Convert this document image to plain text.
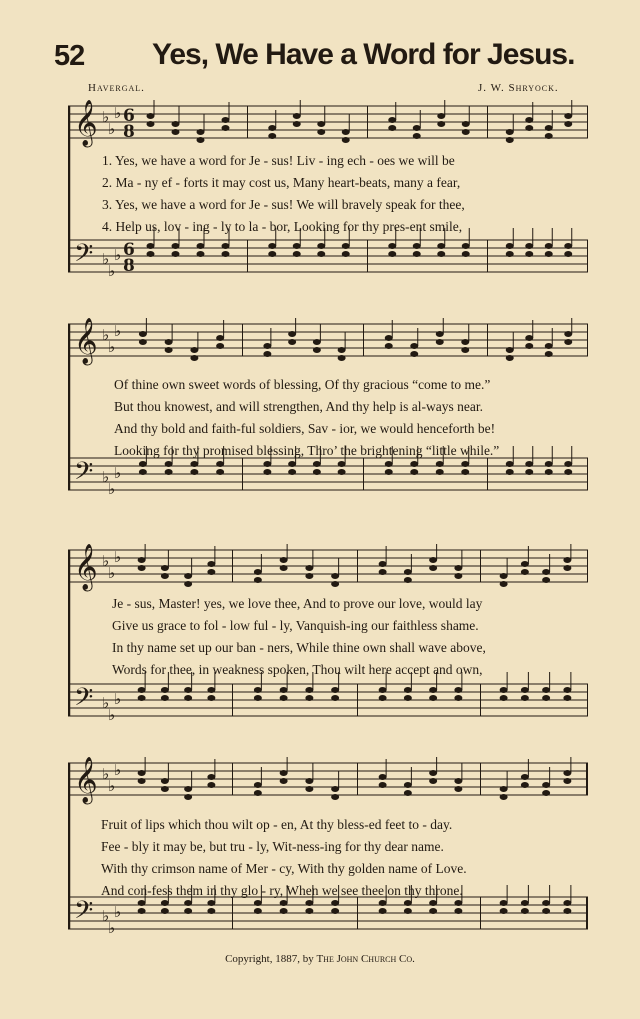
52 Yes, We Have a Word for Jesus.
Havergal.	J. W. Shryock.
𝄞
𝄢
♭
♭
♭
♭
♭
♭
6
8
6
8
1. Yes, we have a word for Je - sus! Liv - ing ech - oes we will be
2. Ma - ny ef - forts it may cost us, Many heart-beats, many a fear,
3. Yes, we have a word for Je - sus! We will bravely speak for thee,
4. Help us, lov - ing - ly to la - bor, Looking for thy pres-ent smile,
𝄞
𝄢
♭
♭
♭
♭
♭
♭
Of thine own sweet words of blessing, Of thy gracious “come to me.”
But thou knowest, and will strengthen, And thy help is al-ways near.
And thy bold and faith-ful soldiers, Sav - ior, we would henceforth be!
Looking for thy promised blessing, Thro’ the brightening “little while.”
𝄞
𝄢
♭
♭
♭
♭
♭
♭
Je - sus, Master! yes, we love thee, And to prove our love, would lay
Give us grace to fol - low ful - ly, Vanquish-ing our faithless shame.
In thy name set up our ban - ners, While thine own shall wave above,
Words for thee, in weakness spoken, Thou wilt here accept and own,
𝄞
𝄢
♭
♭
♭
♭
♭
♭
Fruit of lips which thou wilt op - en, At thy bless-ed feet to - day.
Fee - bly it may be, but tru - ly, Wit-ness-ing for thy dear name.
With thy crimson name of Mer - cy, With thy golden name of Love.
And con-fess them in thy glo - ry, When we see thee on thy throne.
Copyright, 1887, by The John Church Co.
